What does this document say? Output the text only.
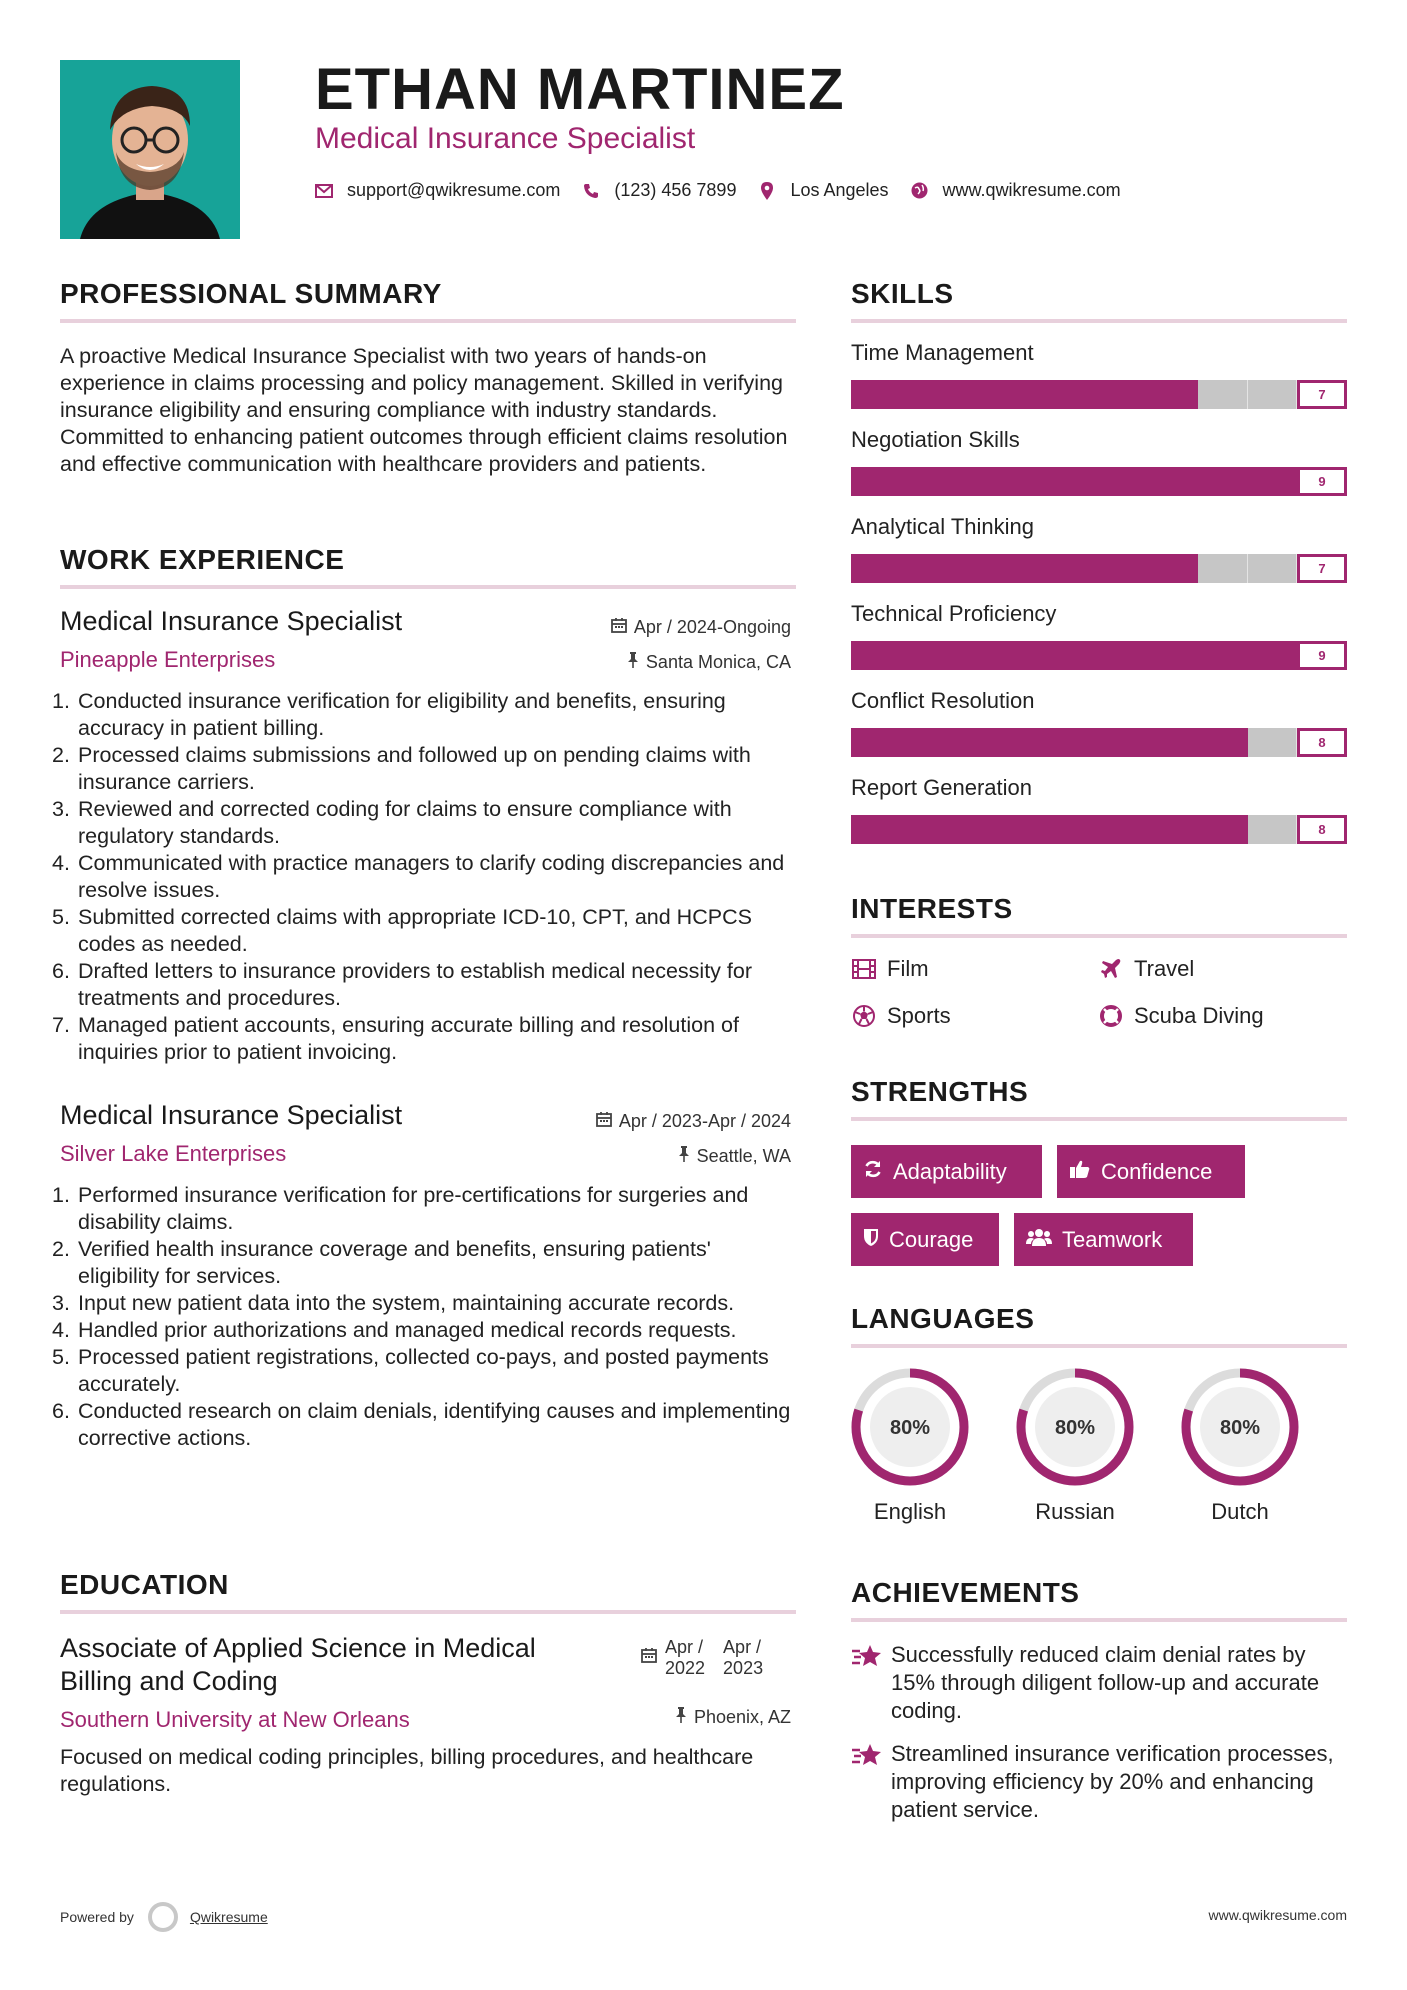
ETHAN MARTINEZ
Medical Insurance Specialist
support@qwikresume.com	(123) 456 7899	Los Angeles	www.qwikresume.com
PROFESSIONAL SUMMARY
A proactive Medical Insurance Specialist with two years of hands-on experience in claims processing and policy management. Skilled in verifying insurance eligibility and ensuring compliance with industry standards. Committed to enhancing patient outcomes through efficient claims resolution and effective communication with healthcare providers and patients.
WORK EXPERIENCE
Medical Insurance Specialist	Apr / 2024-Ongoing
Pineapple Enterprises	Santa Monica, CA
Conducted insurance verification for eligibility and benefits, ensuring accuracy in patient billing.
Processed claims submissions and followed up on pending claims with insurance carriers.
Reviewed and corrected coding for claims to ensure compliance with regulatory standards.
Communicated with practice managers to clarify coding discrepancies and resolve issues.
Submitted corrected claims with appropriate ICD-10, CPT, and HCPCS codes as needed.
Drafted letters to insurance providers to establish medical necessity for treatments and procedures.
Managed patient accounts, ensuring accurate billing and resolution of inquiries prior to patient invoicing.
Medical Insurance Specialist	Apr / 2023-Apr / 2024
Silver Lake Enterprises	Seattle, WA
Performed insurance verification for pre-certifications for surgeries and disability claims.
Verified health insurance coverage and benefits, ensuring patients' eligibility for services.
Input new patient data into the system, maintaining accurate records.
Handled prior authorizations and managed medical records requests.
Processed patient registrations, collected co-pays, and posted payments accurately.
Conducted research on claim denials, identifying causes and implementing corrective actions.
EDUCATION
Associate of Applied Science in Medical
Billing and Coding
Apr /
2022
Apr /
2023
Southern University at New Orleans	Phoenix, AZ
Focused on medical coding principles, billing procedures, and healthcare regulations.
SKILLS
Time Management
7
Negotiation Skills
9
Analytical Thinking
7
Technical Proficiency
9
Conflict Resolution
8
Report Generation
8
INTERESTS
Film	Travel
Sports	Scuba Diving
STRENGTHS
Adaptability	Confidence
Courage	Teamwork
LANGUAGES
80%
English
80%
Russian
80%
Dutch
ACHIEVEMENTS
Successfully reduced claim denial rates by 15% through diligent follow-up and accurate coding.
Streamlined insurance verification processes, improving efficiency by 20% and enhancing patient service.
Powered by	Qwikresume	www.qwikresume.com
